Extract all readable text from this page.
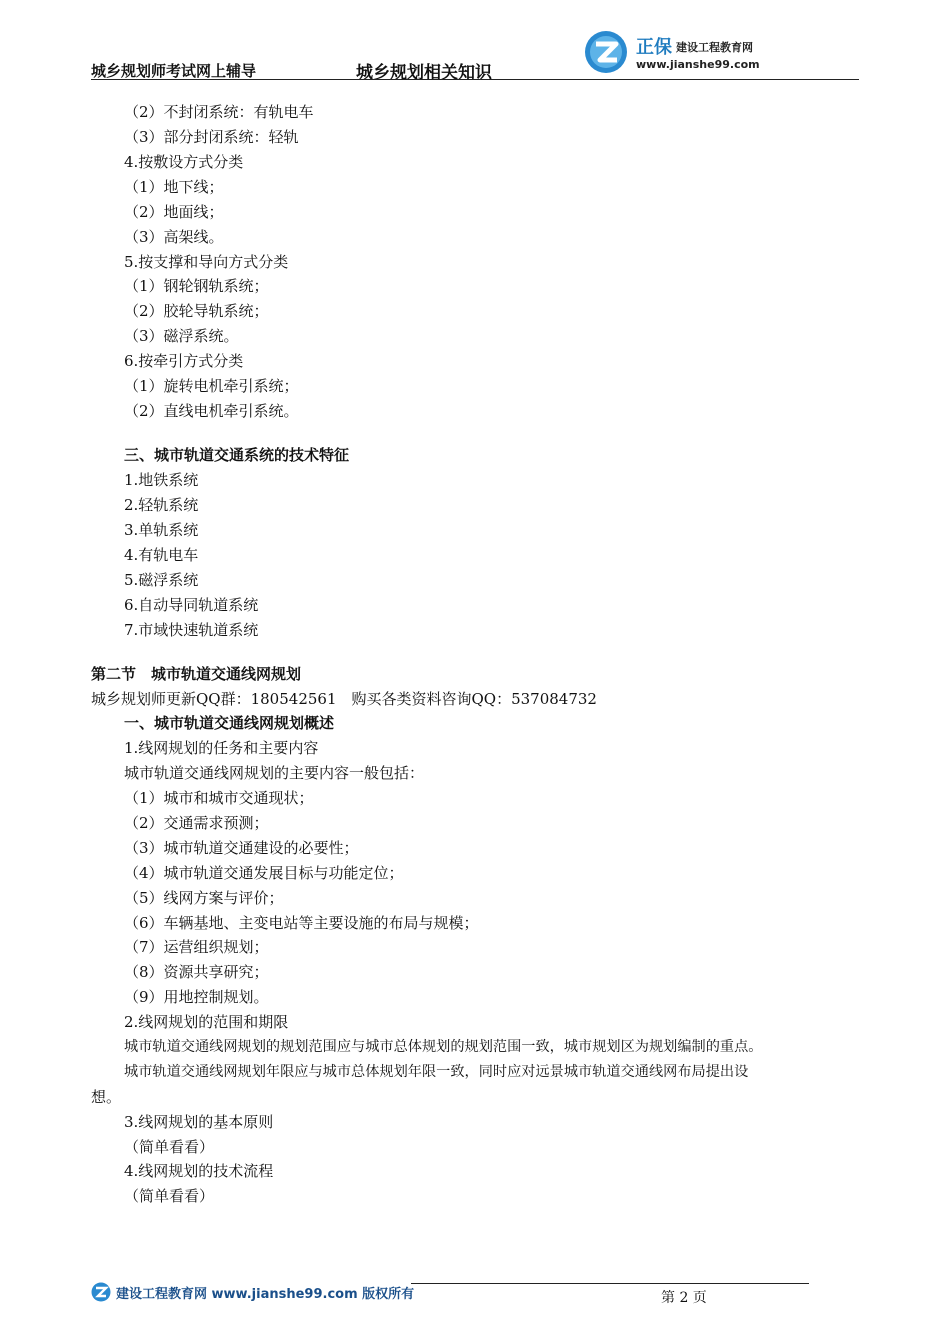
城乡规划师考试网上辅导	城乡规划相关知识
正保 建设工程教育网
www.jianshe99.com
（2）不封闭系统：有轨电车
（3）部分封闭系统：轻轨
4.按敷设方式分类
（1）地下线；
（2）地面线；
（3）高架线。
5.按支撑和导向方式分类
（1）钢轮钢轨系统；
（2）胶轮导轨系统；
（3）磁浮系统。
6.按牵引方式分类
（1）旋转电机牵引系统；
（2）直线电机牵引系统。
三、城市轨道交通系统的技术特征
1.地铁系统
2.轻轨系统
3.单轨系统
4.有轨电车
5.磁浮系统
6.自动导同轨道系统
7.市域快速轨道系统
第二节　城市轨道交通线网规划
城乡规划师更新QQ群：180542561　购买各类资料咨询QQ：537084732
一、城市轨道交通线网规划概述
1.线网规划的任务和主要内容
城市轨道交通线网规划的主要内容一般包括：
（1）城市和城市交通现状；
（2）交通需求预测；
（3）城市轨道交通建设的必要性；
（4）城市轨道交通发展目标与功能定位；
（5）线网方案与评价；
（6）车辆基地、主变电站等主要设施的布局与规模；
（7）运营组织规划；
（8）资源共享研究；
（9）用地控制规划。
2.线网规划的范围和期限
城市轨道交通线网规划的规划范围应与城市总体规划的规划范围一致，城市规划区为规划编制的重点。
城市轨道交通线网规划年限应与城市总体规划年限一致，同时应对远景城市轨道交通线网布局提出设
想。
3.线网规划的基本原则
（简单看看）
4.线网规划的技术流程
（简单看看）
建设工程教育网 www.jianshe99.com 版权所有	第 2 页
